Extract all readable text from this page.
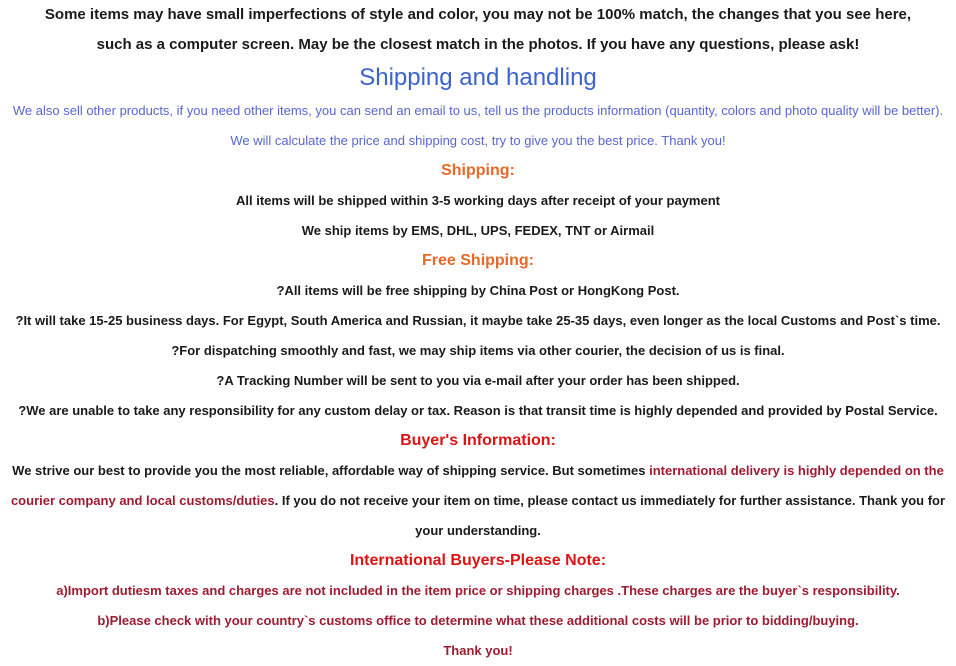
Some items may have small imperfections of style and color, you may not be 100% match, the changes that you see here,
such as a computer screen. May be the closest match in the photos. If you have any questions, please ask!
Shipping and handling
We also sell other products, if you need other items, you can send an email to us, tell us the products information (quantity, colors and photo quality will be better).
We will calculate the price and shipping cost, try to give you the best price. Thank you!
Shipping:
All items will be shipped within 3-5 working days after receipt of your payment
We ship items by EMS, DHL, UPS, FEDEX, TNT or Airmail
Free Shipping:
?All items will be free shipping by China Post or HongKong Post.
?It will take 15-25 business days. For Egypt, South America and Russian, it maybe take 25-35 days, even longer as the local Customs and Post`s time.
?For dispatching smoothly and fast, we may ship items via other courier, the decision of us is final.
?A Tracking Number will be sent to you via e-mail after your order has been shipped.
?We are unable to take any responsibility for any custom delay or tax. Reason is that transit time is highly depended and provided by Postal Service.
Buyer's Information:
We strive our best to provide you the most reliable, affordable way of shipping service. But sometimes international delivery is highly depended on the
courier company and local customs/duties. If you do not receive your item on time, please contact us immediately for further assistance. Thank you for
your understanding.
International Buyers-Please Note:
a)Import dutiesm taxes and charges are not included in the item price or shipping charges .These charges are the buyer`s responsibility.
b)Please check with your country`s customs office to determine what these additional costs will be prior to bidding/buying.
Thank you!
